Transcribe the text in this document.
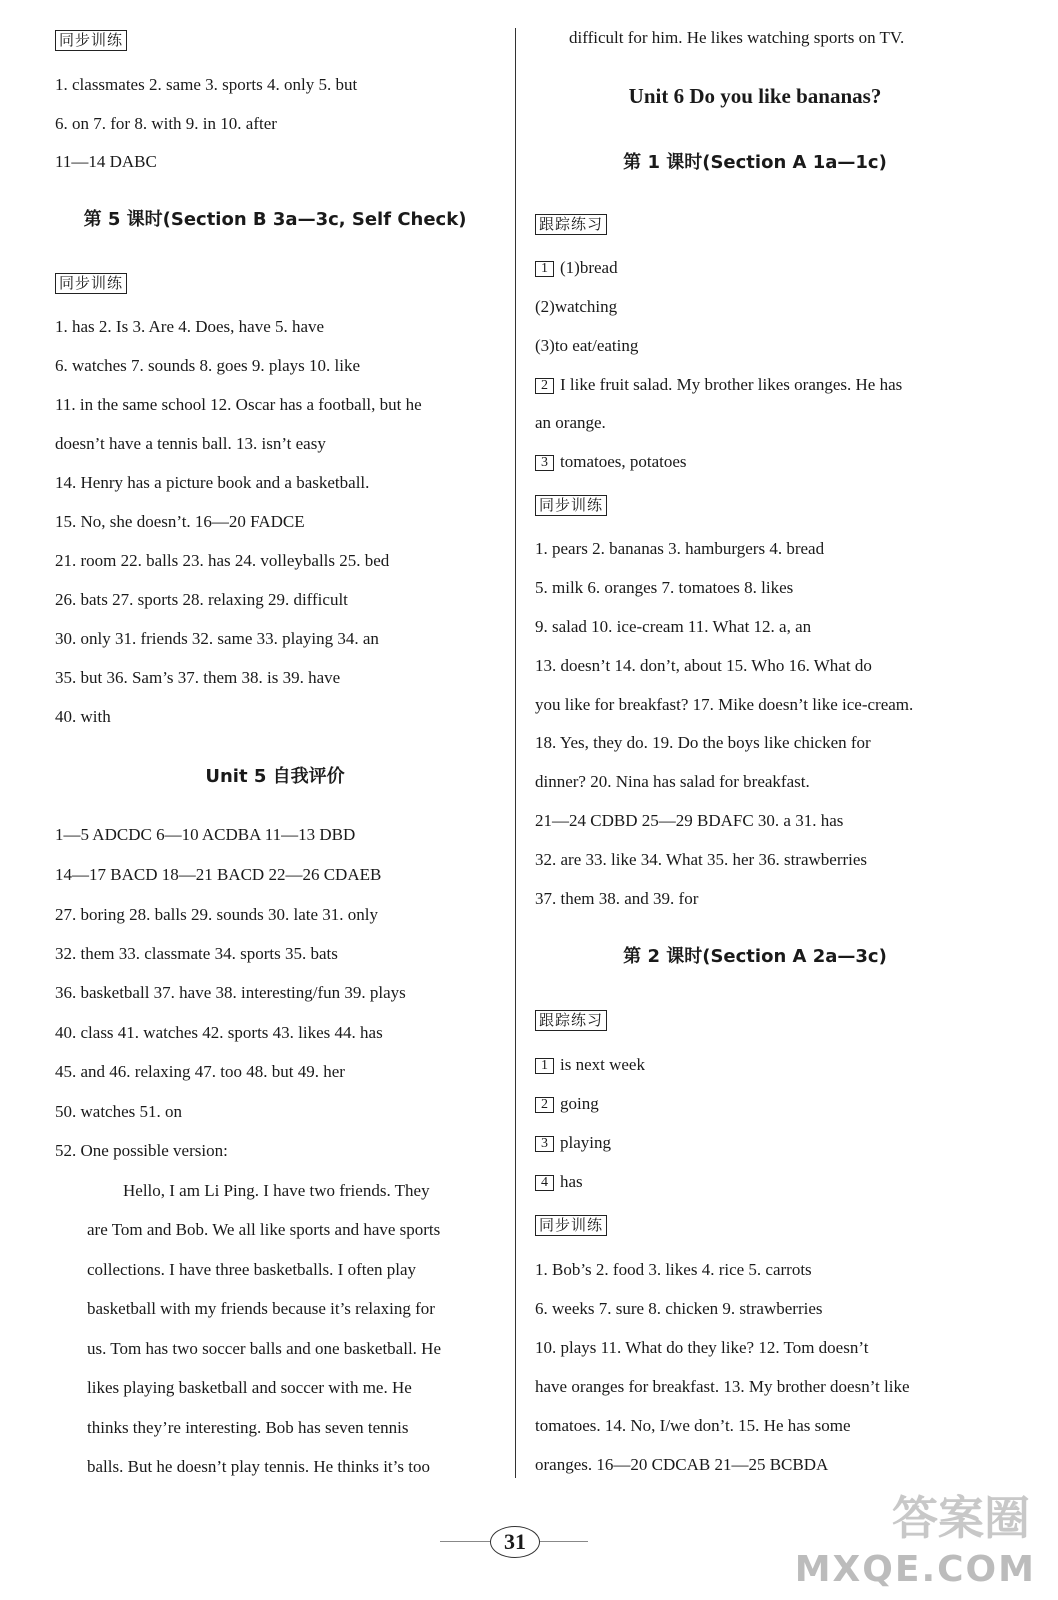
同步训练
1. classmates 2. same 3. sports 4. only 5. but
6. on 7. for 8. with 9. in 10. after
11—14 DABC
第 5 课时(Section B 3a—3c, Self Check)
同步训练
1. has 2. Is 3. Are 4. Does, have 5. have
6. watches 7. sounds 8. goes 9. plays 10. like
11. in the same school 12. Oscar has a football, but he
doesn’t have a tennis ball. 13. isn’t easy
14. Henry has a picture book and a basketball.
15. No, she doesn’t. 16—20 FADCE
21. room 22. balls 23. has 24. volleyballs 25. bed
26. bats 27. sports 28. relaxing 29. difficult
30. only 31. friends 32. same 33. playing 34. an
35. but 36. Sam’s 37. them 38. is 39. have
40. with
Unit 5 自我评价
1—5 ADCDC 6—10 ACDBA 11—13 DBD
14—17 BACD 18—21 BACD 22—26 CDAEB
27. boring 28. balls 29. sounds 30. late 31. only
32. them 33. classmate 34. sports 35. bats
36. basketball 37. have 38. interesting/fun 39. plays
40. class 41. watches 42. sports 43. likes 44. has
45. and 46. relaxing 47. too 48. but 49. her
50. watches 51. on
52. One possible version:
Hello, I am Li Ping. I have two friends. They
are Tom and Bob. We all like sports and have sports
collections. I have three basketballs. I often play
basketball with my friends because it’s relaxing for
us. Tom has two soccer balls and one basketball. He
likes playing basketball and soccer with me. He
thinks they’re interesting. Bob has seven tennis
balls. But he doesn’t play tennis. He thinks it’s too
difficult for him. He likes watching sports on TV.
Unit 6 Do you like bananas?
第 1 课时(Section A 1a—1c)
跟踪练习
1 (1)bread
(2)watching
(3)to eat/eating
2 I like fruit salad. My brother likes oranges. He has
an orange.
3 tomatoes, potatoes
同步训练
1. pears 2. bananas 3. hamburgers 4. bread
5. milk 6. oranges 7. tomatoes 8. likes
9. salad 10. ice-cream 11. What 12. a, an
13. doesn’t 14. don’t, about 15. Who 16. What do
you like for breakfast? 17. Mike doesn’t like ice-cream.
18. Yes, they do. 19. Do the boys like chicken for
dinner? 20. Nina has salad for breakfast.
21—24 CDBD 25—29 BDAFC 30. a 31. has
32. are 33. like 34. What 35. her 36. strawberries
37. them 38. and 39. for
第 2 课时(Section A 2a—3c)
跟踪练习
1 is next week
2 going
3 playing
4 has
同步训练
1. Bob’s 2. food 3. likes 4. rice 5. carrots
6. weeks 7. sure 8. chicken 9. strawberries
10. plays 11. What do they like? 12. Tom doesn’t
have oranges for breakfast. 13. My brother doesn’t like
tomatoes. 14. No, I/we don’t. 15. He has some
oranges. 16—20 CDCAB 21—25 BCBDA
31	答案圈
MXQE.COM
